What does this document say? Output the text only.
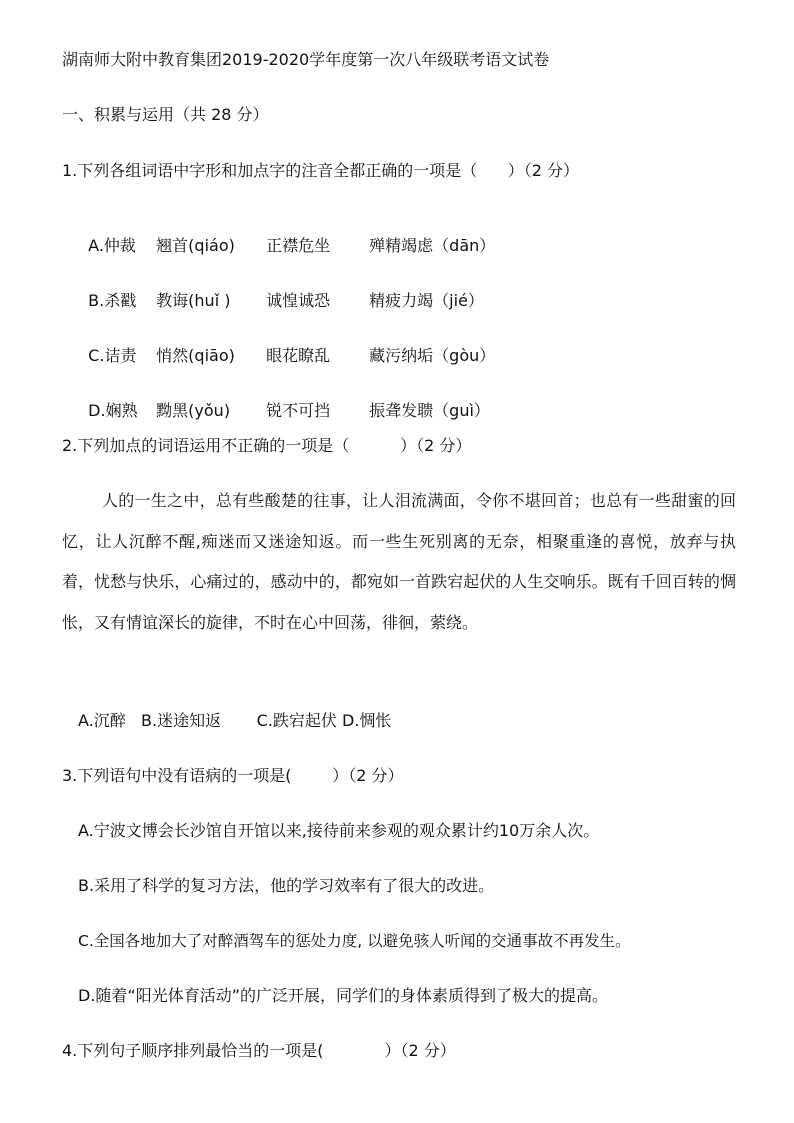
湖南师大附中教育集团2019-2020学年度第一次八年级联考语文试卷
一、积累与运用（共 28 分）
1.下列各组词语中字形和加点字的注音全都正确的一项是（      ）（2 分）

A.仲裁 翘首(qiáo) 正襟危坐 殚精竭虑（dān）

B.杀戳 教诲(huǐ ) 诚惶诚恐 精疲力竭（jié）

C.诘责 悄然(qiāo) 眼花瞭乱 藏污纳垢（gòu）

D.娴熟 黝黑(yǒu) 锐不可挡 振聋发聩（guì）

2.下列加点的词语运用不正确的一项是（          ）（2 分）
人的一生之中，总有些酸楚的往事，让人泪流满面，令你不堪回首；也总有一些甜蜜的回忆，让人沉醉不醒,痴迷而又迷途知返。而一些生死别离的无奈，相聚重逢的喜悦，放弃与执着，忧愁与快乐，心痛过的，感动中的，都宛如一首跌宕起伏的人生交响乐。既有千回百转的惆怅，又有情谊深长的旋律，不时在心中回荡，徘徊，萦绕。
A.沉醉   B.迷途知返       C.跌宕起伏 D.惆怅
3.下列语句中没有语病的一项是(        ）（2 分）
A.宁波文博会长沙馆自开馆以来,接待前来参观的观众累计约10万余人次。
B.采用了科学的复习方法，他的学习效率有了很大的改进。
C.全国各地加大了对醉酒驾车的惩处力度, 以避免骇人听闻的交通事故不再发生。
D.随着“阳光体育活动”的广泛开展，同学们的身体素质得到了极大的提高。
4.下列句子顺序排列最恰当的一项是(            ）（2 分）
